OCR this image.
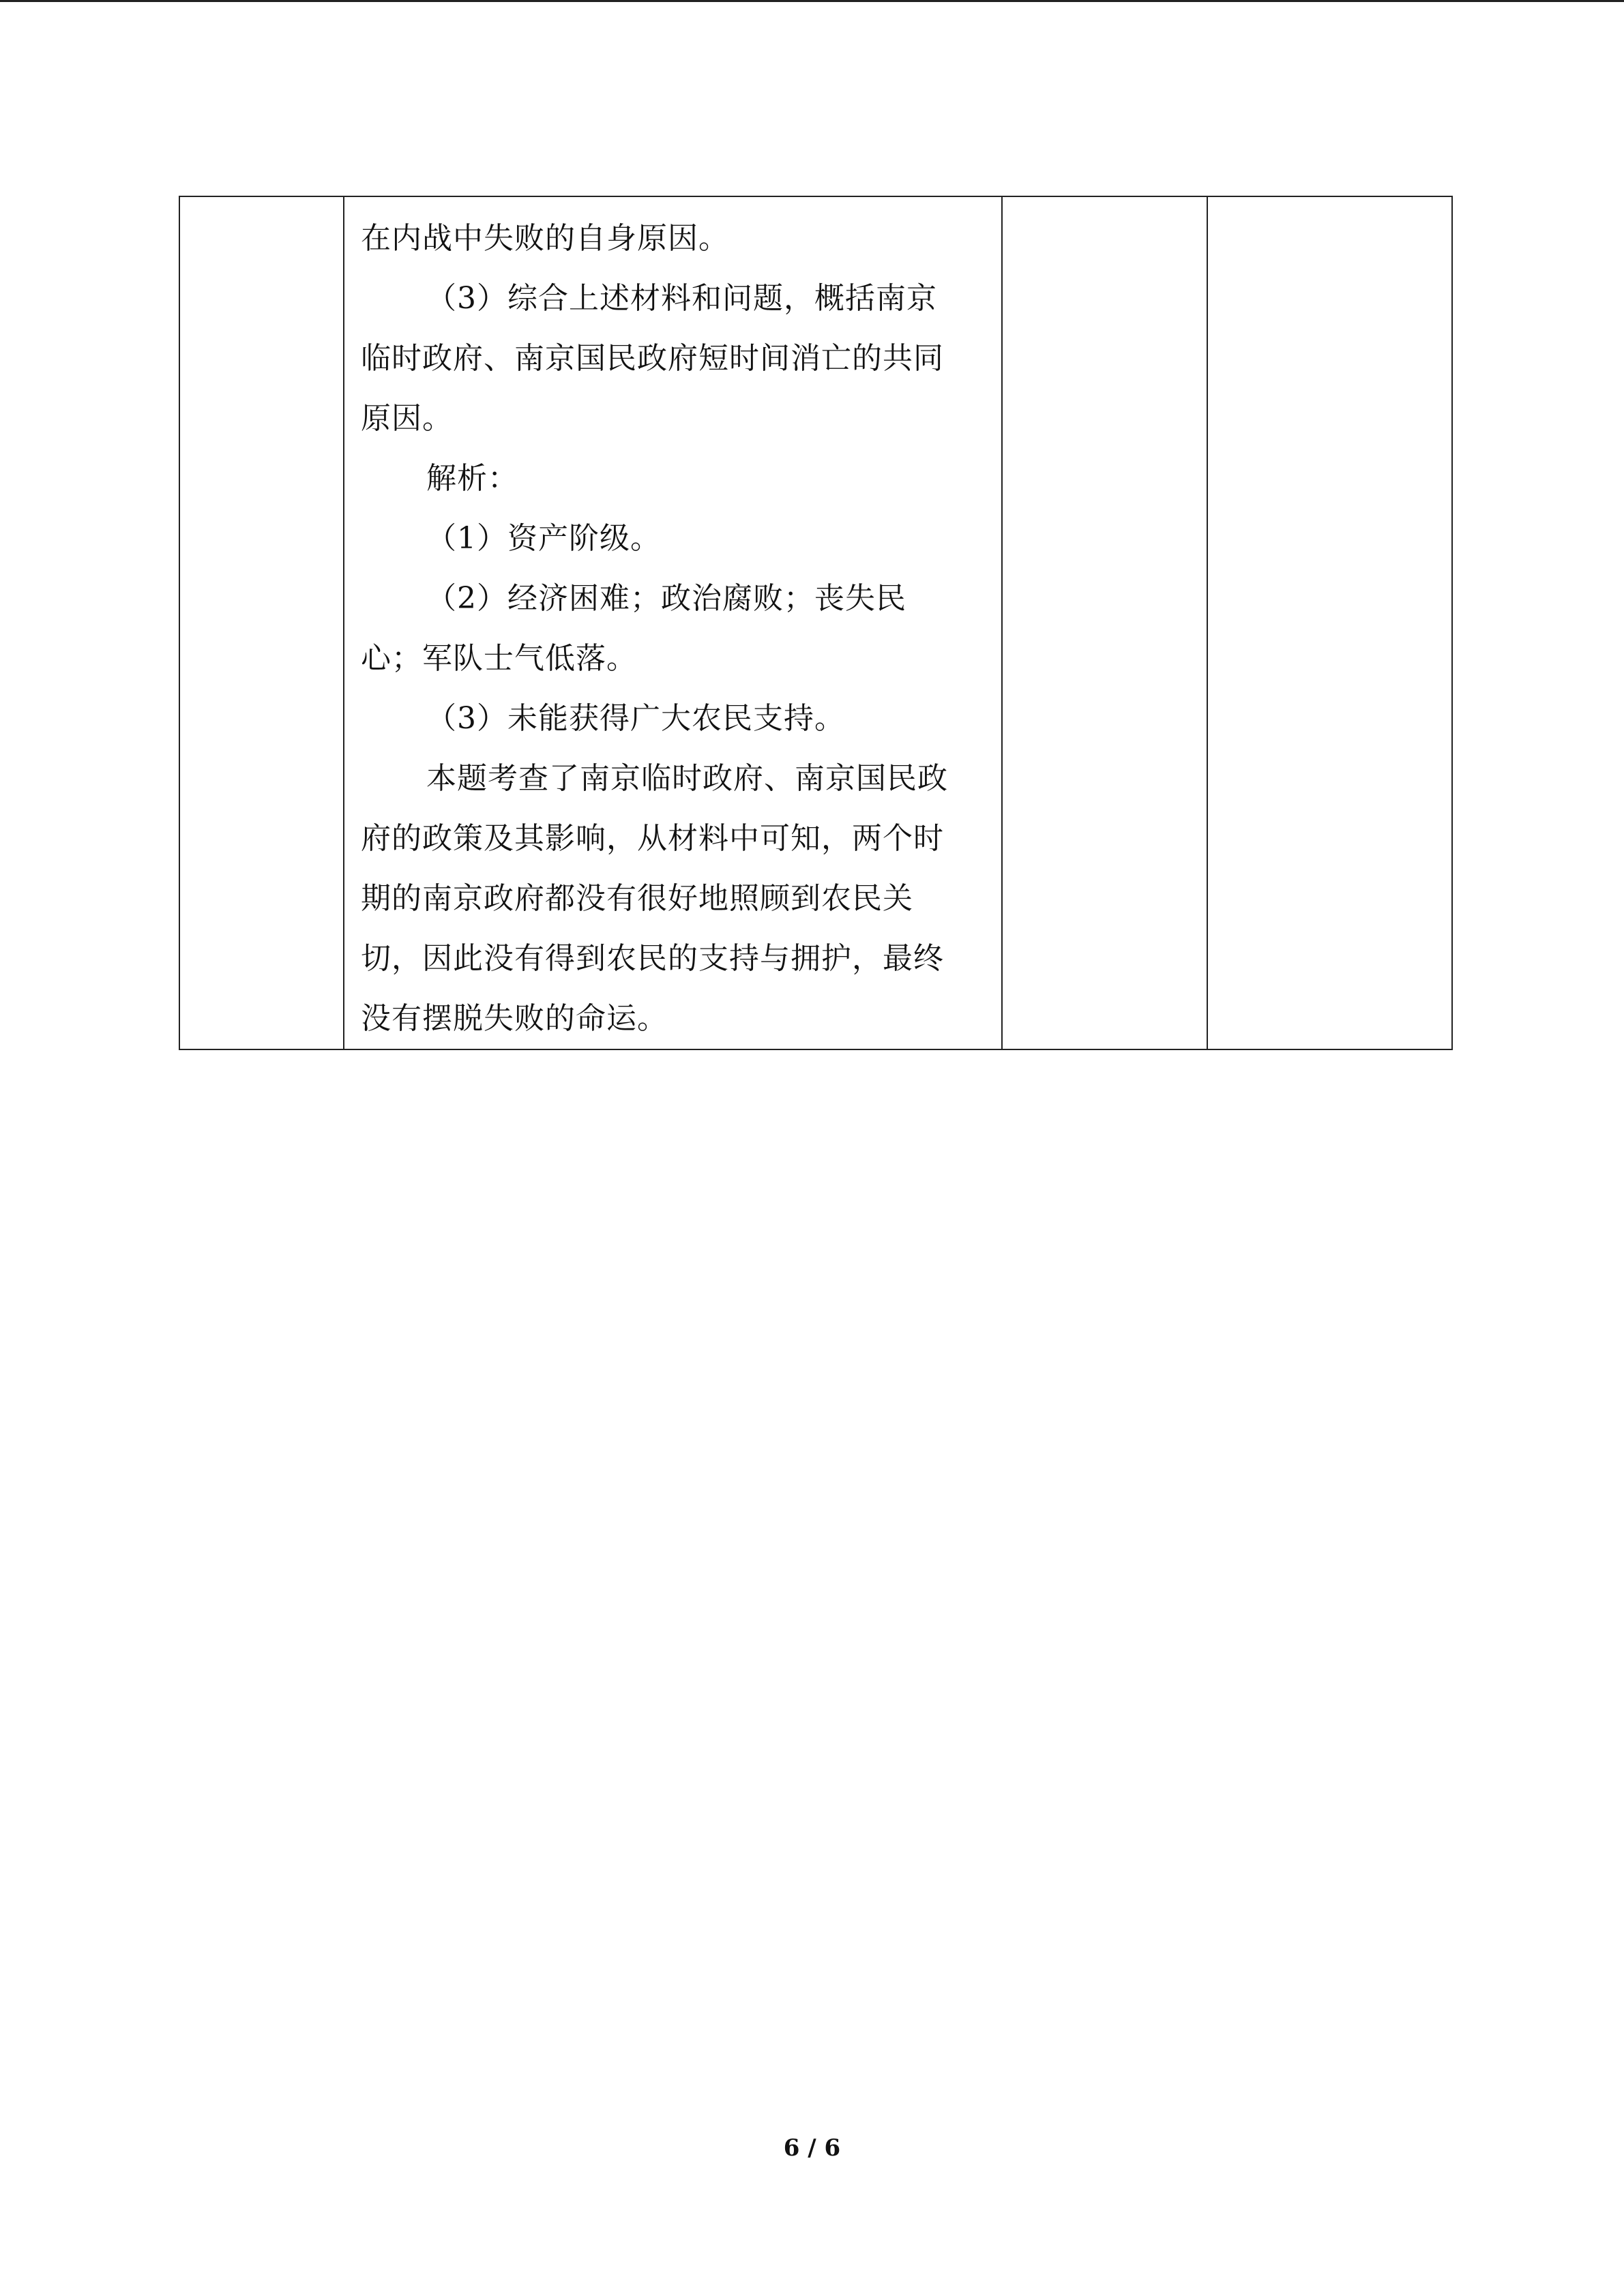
在内战中失败的自身原因。

（3）综合上述材料和问题，概括南京

临时政府、南京国民政府短时间消亡的共同

原因。

解析：

（1）资产阶级。

（2）经济困难；政治腐败；丧失民

心；军队士气低落。

（3）未能获得广大农民支持。

本题考查了南京临时政府、南京国民政

府的政策及其影响，从材料中可知，两个时

期的南京政府都没有很好地照顾到农民关

切，因此没有得到农民的支持与拥护，最终

没有摆脱失败的命运。

6 / 6
